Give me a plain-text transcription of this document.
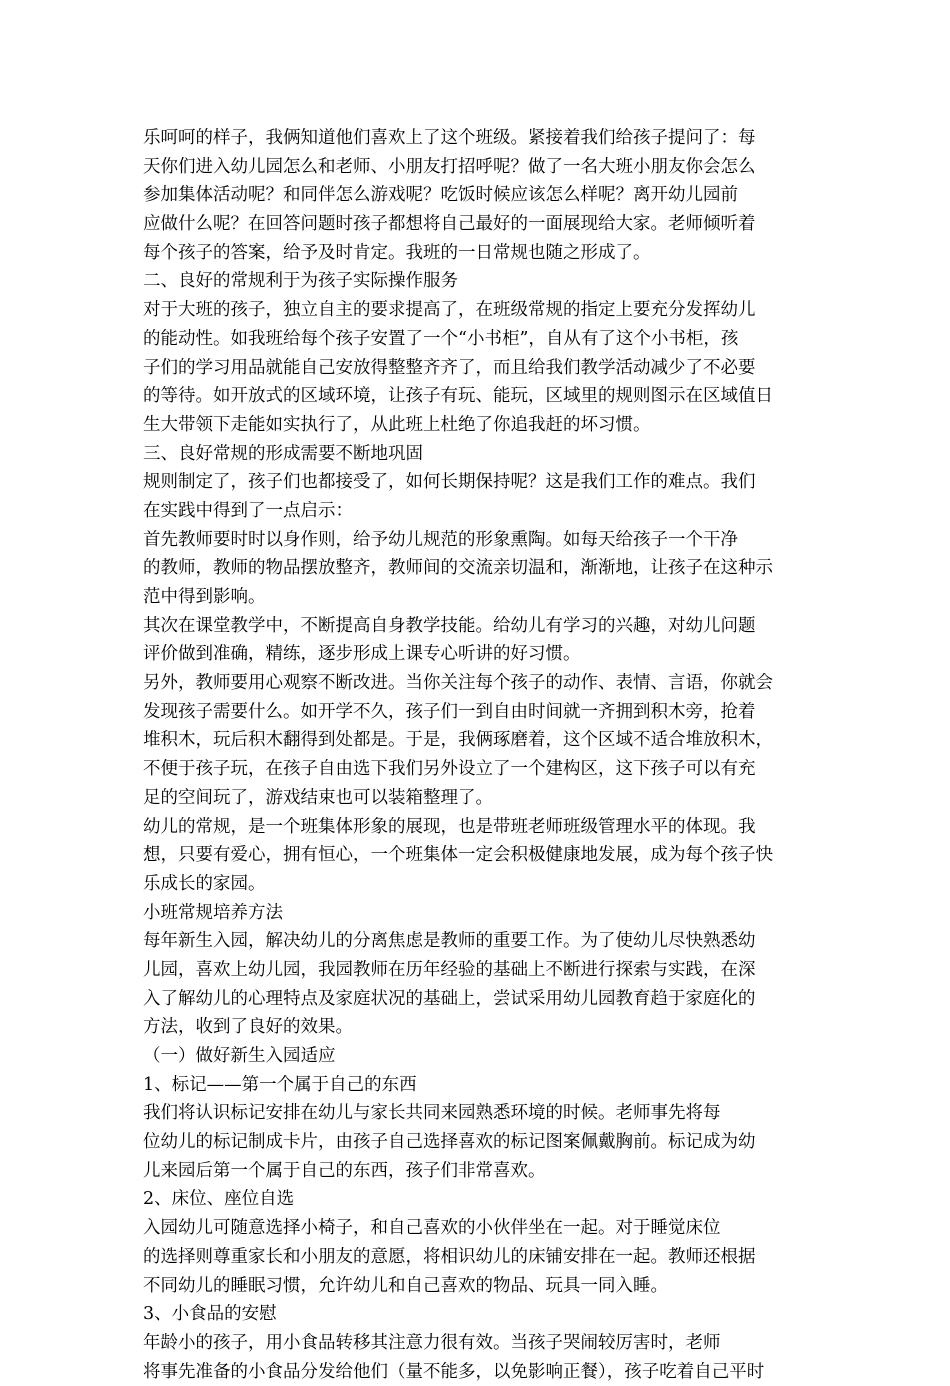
乐呵呵的样子，我俩知道他们喜欢上了这个班级。紧接着我们给孩子提问了：每
天你们进入幼儿园怎么和老师、小朋友打招呼呢？做了一名大班小朋友你会怎么
参加集体活动呢？和同伴怎么游戏呢？吃饭时候应该怎么样呢？离开幼儿园前
应做什么呢？在回答问题时孩子都想将自己最好的一面展现给大家。老师倾听着
每个孩子的答案，给予及时肯定。我班的一日常规也随之形成了。
二、良好的常规利于为孩子实际操作服务
对于大班的孩子，独立自主的要求提高了，在班级常规的指定上要充分发挥幼儿
的能动性。如我班给每个孩子安置了一个“小书柜”，自从有了这个小书柜，孩
子们的学习用品就能自己安放得整整齐齐了，而且给我们教学活动减少了不必要
的等待。如开放式的区域环境，让孩子有玩、能玩，区域里的规则图示在区域值日
生大带领下走能如实执行了，从此班上杜绝了你追我赶的坏习惯。
三、良好常规的形成需要不断地巩固
规则制定了，孩子们也都接受了，如何长期保持呢？这是我们工作的难点。我们
在实践中得到了一点启示：
首先教师要时时以身作则，给予幼儿规范的形象熏陶。如每天给孩子一个干净
的教师，教师的物品摆放整齐，教师间的交流亲切温和，渐渐地，让孩子在这种示
范中得到影响。
其次在课堂教学中，不断提高自身教学技能。给幼儿有学习的兴趣，对幼儿问题
评价做到准确，精练，逐步形成上课专心听讲的好习惯。
另外，教师要用心观察不断改进。当你关注每个孩子的动作、表情、言语，你就会
发现孩子需要什么。如开学不久，孩子们一到自由时间就一齐拥到积木旁，抢着
堆积木，玩后积木翻得到处都是。于是，我俩琢磨着，这个区域不适合堆放积木，
不便于孩子玩，在孩子自由选下我们另外设立了一个建构区，这下孩子可以有充
足的空间玩了，游戏结束也可以装箱整理了。
幼儿的常规，是一个班集体形象的展现，也是带班老师班级管理水平的体现。我
想，只要有爱心，拥有恒心，一个班集体一定会积极健康地发展，成为每个孩子快
乐成长的家园。
小班常规培养方法
每年新生入园，解决幼儿的分离焦虑是教师的重要工作。为了使幼儿尽快熟悉幼
儿园，喜欢上幼儿园，我园教师在历年经验的基础上不断进行探索与实践，在深
入了解幼儿的心理特点及家庭状况的基础上，尝试采用幼儿园教育趋于家庭化的
方法，收到了良好的效果。
（一）做好新生入园适应
1、标记——第一个属于自己的东西
我们将认识标记安排在幼儿与家长共同来园熟悉环境的时候。老师事先将每
位幼儿的标记制成卡片，由孩子自己选择喜欢的标记图案佩戴胸前。标记成为幼
儿来园后第一个属于自己的东西，孩子们非常喜欢。
2、床位、座位自选
入园幼儿可随意选择小椅子，和自己喜欢的小伙伴坐在一起。对于睡觉床位
的选择则尊重家长和小朋友的意愿，将相识幼儿的床铺安排在一起。教师还根据
不同幼儿的睡眠习惯，允许幼儿和自己喜欢的物品、玩具一同入睡。
3、小食品的安慰
年龄小的孩子，用小食品转移其注意力很有效。当孩子哭闹较厉害时，老师
将事先准备的小食品分发给他们（量不能多，以免影响正餐），孩子吃着自己平时
